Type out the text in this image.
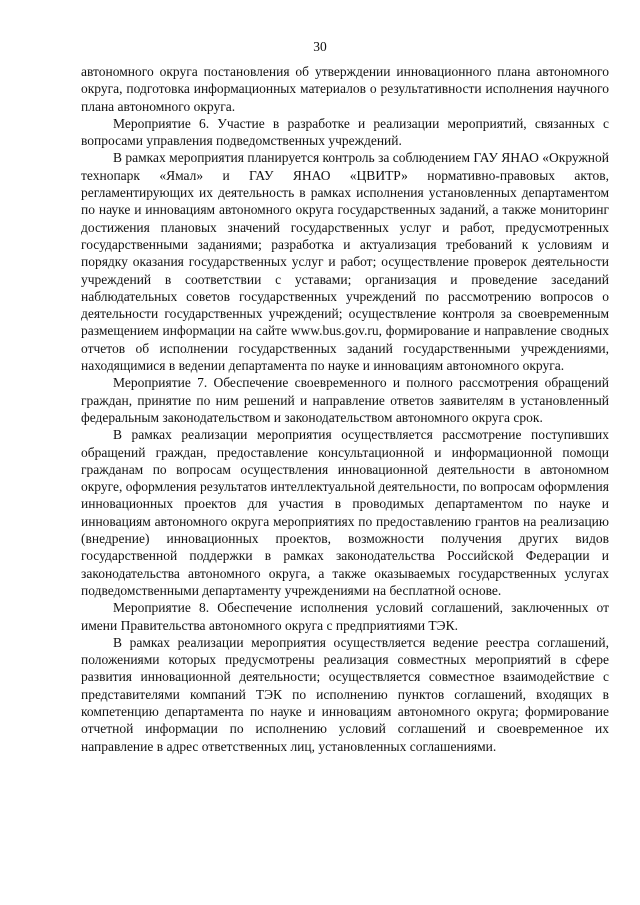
30

автономного округа постановления об утверждении инновационного плана автономного округа, подготовка информационных материалов о результативности исполнения научного плана автономного округа.

Мероприятие 6. Участие в разработке и реализации мероприятий, связанных с вопросами управления подведомственных учреждений.

В рамках мероприятия планируется контроль за соблюдением ГАУ ЯНАО «Окружной технопарк «Ямал» и ГАУ ЯНАО «ЦВИТР» нормативно-правовых актов, регламентирующих их деятельность в рамках исполнения установленных департаментом по науке и инновациям автономного округа государственных заданий, а также мониторинг достижения плановых значений государственных услуг и работ, предусмотренных государственными заданиями; разработка и актуализация требований к условиям и порядку оказания государственных услуг и работ; осуществление проверок деятельности учреждений в соответствии с уставами; организация и проведение заседаний наблюдательных советов государственных учреждений по рассмотрению вопросов о деятельности государственных учреждений; осуществление контроля за своевременным размещением информации на сайте www.bus.gov.ru, формирование и направление сводных отчетов об исполнении государственных заданий государственными учреждениями, находящимися в ведении департамента по науке и инновациям автономного округа.

Мероприятие 7. Обеспечение своевременного и полного рассмотрения обращений граждан, принятие по ним решений и направление ответов заявителям в установленный федеральным законодательством и законодательством автономного округа срок.

В рамках реализации мероприятия осуществляется рассмотрение поступивших обращений граждан, предоставление консультационной и информационной помощи гражданам по вопросам осуществления инновационной деятельности в автономном округе, оформления результатов интеллектуальной деятельности, по вопросам оформления инновационных проектов для участия в проводимых департаментом по науке и инновациям автономного округа мероприятиях по предоставлению грантов на реализацию (внедрение) инновационных проектов, возможности получения других видов государственной поддержки в рамках законодательства Российской Федерации и законодательства автономного округа, а также оказываемых государственных услугах подведомственными департаменту учреждениями на бесплатной основе.

Мероприятие 8. Обеспечение исполнения условий соглашений, заключенных от имени Правительства автономного округа с предприятиями ТЭК.

В рамках реализации мероприятия осуществляется ведение реестра соглашений, положениями которых предусмотрены реализация совместных мероприятий в сфере развития инновационной деятельности; осуществляется совместное взаимодействие с представителями компаний ТЭК по исполнению пунктов соглашений, входящих в компетенцию департамента по науке и инновациям автономного округа; формирование отчетной информации по исполнению условий соглашений и своевременное их направление в адрес ответственных лиц, установленных соглашениями.
